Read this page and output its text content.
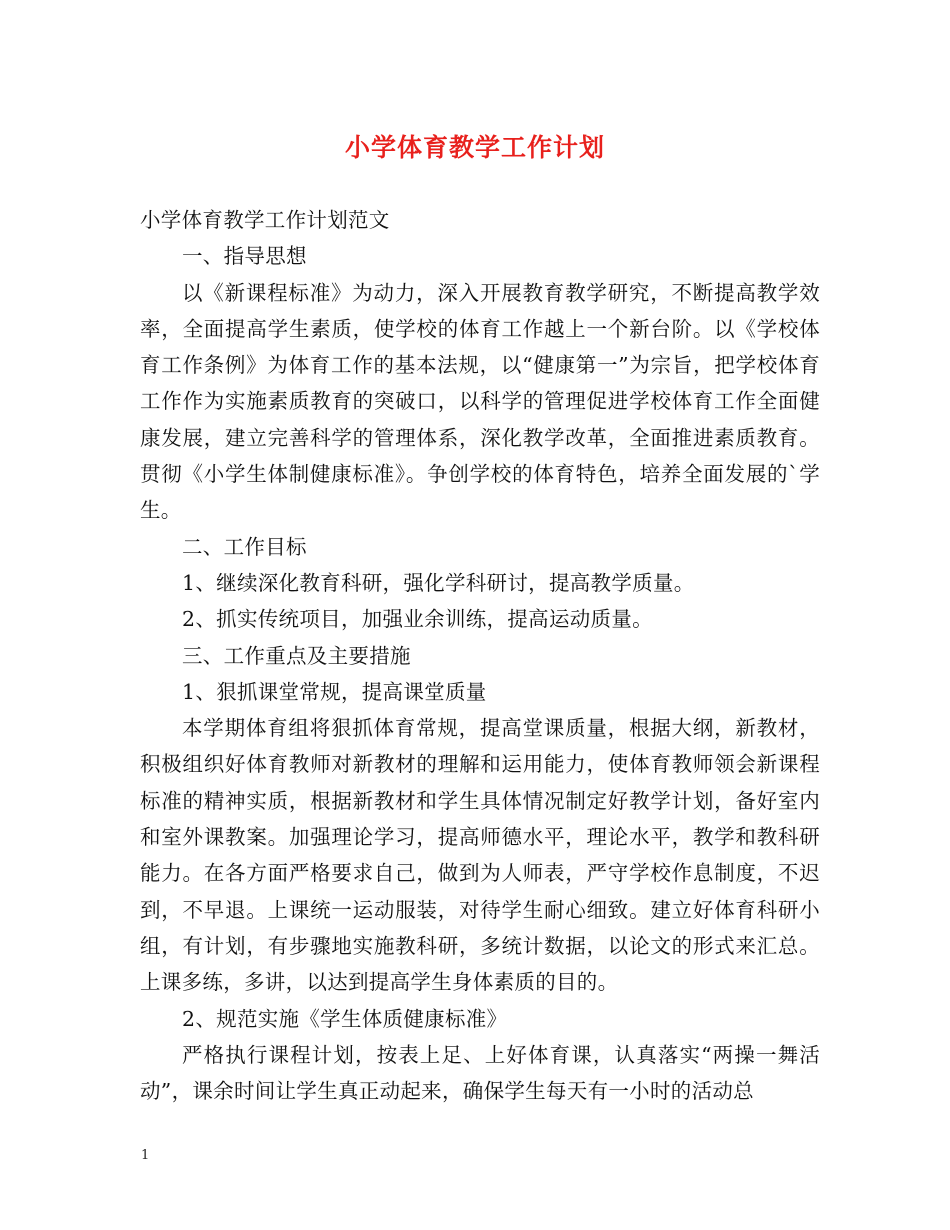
小学体育教学工作计划

小学体育教学工作计划范文

一、指导思想

以《新课程标准》为动力，深入开展教育教学研究，不断提高教学效率，全面提高学生素质，使学校的体育工作越上一个新台阶。以《学校体育工作条例》为体育工作的基本法规，以“健康第一”为宗旨，把学校体育工作作为实施素质教育的突破口，以科学的管理促进学校体育工作全面健康发展，建立完善科学的管理体系，深化教学改革，全面推进素质教育。贯彻《小学生体制健康标准》。争创学校的体育特色，培养全面发展的`学生。

二、工作目标

1、继续深化教育科研，强化学科研讨，提高教学质量。

2、抓实传统项目，加强业余训练，提高运动质量。

三、工作重点及主要措施

1、狠抓课堂常规，提高课堂质量

本学期体育组将狠抓体育常规，提高堂课质量，根据大纲，新教材，积极组织好体育教师对新教材的理解和运用能力，使体育教师领会新课程标准的精神实质，根据新教材和学生具体情况制定好教学计划，备好室内和室外课教案。加强理论学习，提高师德水平，理论水平，教学和教科研能力。在各方面严格要求自己，做到为人师表，严守学校作息制度，不迟到，不早退。上课统一运动服装，对待学生耐心细致。建立好体育科研小组，有计划，有步骤地实施教科研，多统计数据，以论文的形式来汇总。上课多练，多讲，以达到提高学生身体素质的目的。

2、规范实施《学生体质健康标准》

严格执行课程计划，按表上足、上好体育课，认真落实“两操一舞活动”，课余时间让学生真正动起来，确保学生每天有一小时的活动总

1
